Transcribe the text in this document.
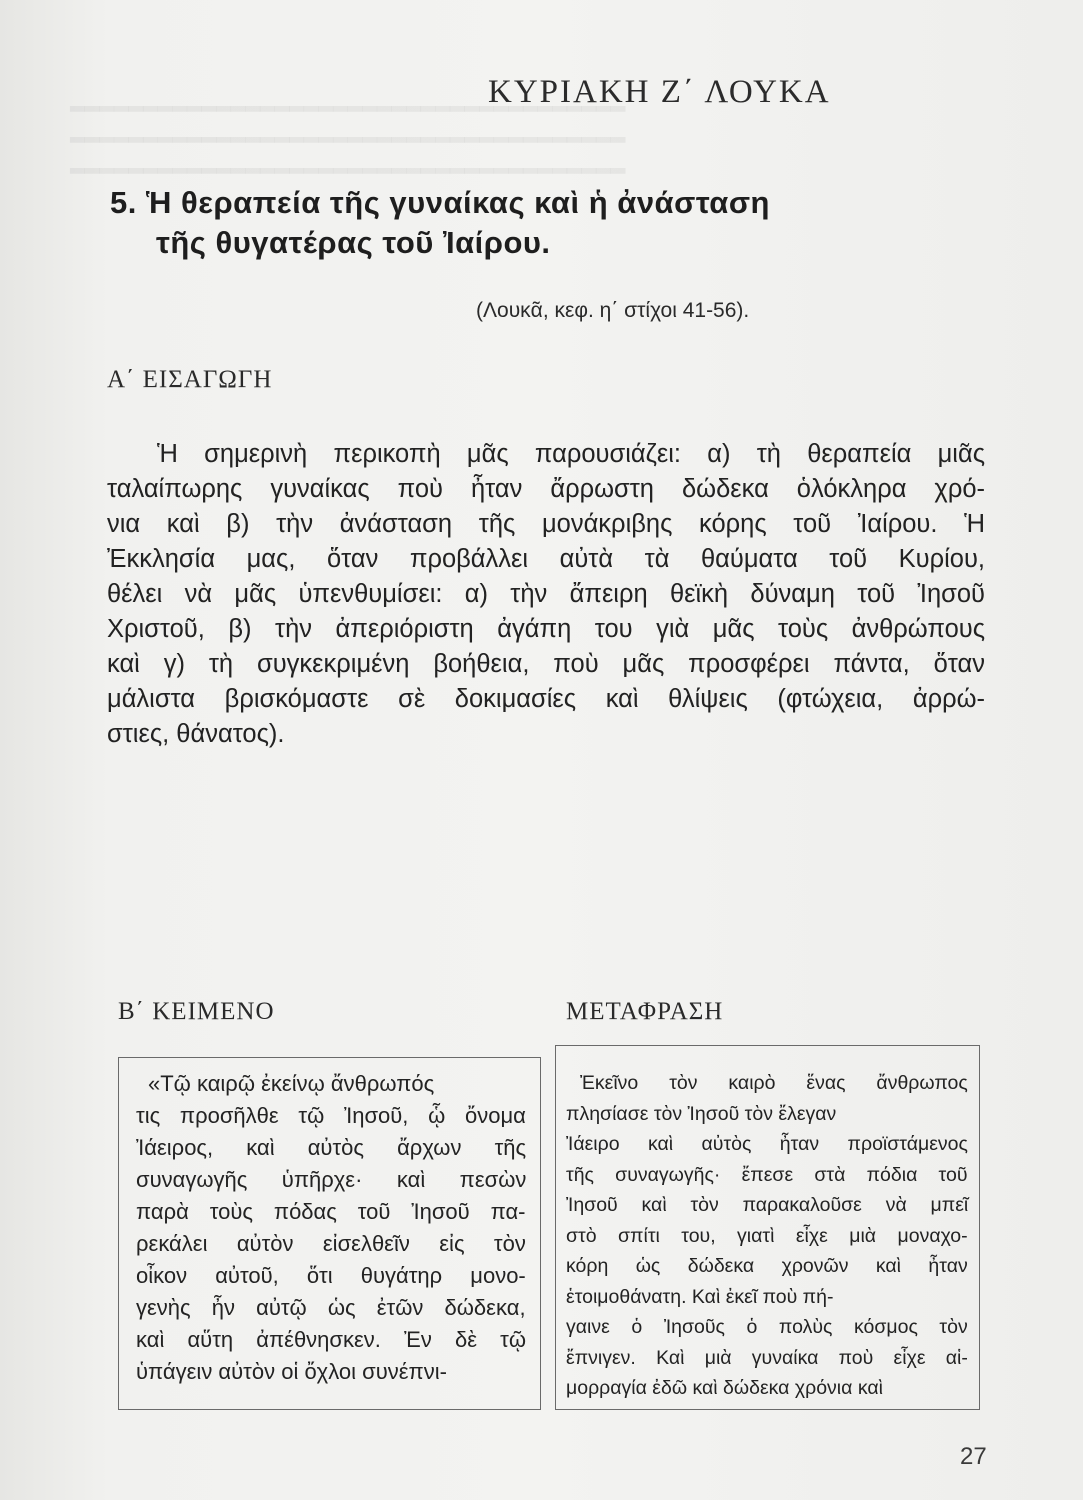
▂▂▂▂▂▂▂▂▂▂▂▂▂▂▂▂▂▂▂▂▂▂▂▂▂▂▂▂▂▂▂▂▂▂▂▂▂▂
▂▂▂▂▂▂▂▂▂▂▂▂▂▂▂▂▂▂▂▂▂▂▂▂▂▂▂▂▂▂▂▂▂▂▂▂▂▂
▂▂▂▂▂▂▂▂▂▂▂▂▂▂▂▂▂▂▂▂▂▂▂▂▂▂▂▂▂▂▂▂▂▂▂▂▂▂
ΚΥΡΙΑΚΗ Ζ΄ ΛΟΥΚΑ
5. Ἡ θεραπεία τῆς γυναίκας καὶ ἡ ἀνάσταση
τῆς θυγατέρας τοῦ Ἰαίρου.
(Λουκᾶ, κεφ. η΄ στίχοι 41-56).
Α΄ ΕΙΣΑΓΩΓΗ
Ἡ σημερινὴ περικοπὴ μᾶς παρουσιάζει: α) τὴ θεραπεία μιᾶς
ταλαίπωρης γυναίκας ποὺ ἦταν ἄρρωστη δώδεκα ὁλόκληρα χρό-
νια καὶ β) τὴν ἀνάσταση τῆς μονάκριβης κόρης τοῦ Ἰαίρου. Ἡ
Ἐκκλησία μας, ὅταν προβάλλει αὐτὰ τὰ θαύματα τοῦ Κυρίου,
θέλει νὰ μᾶς ὑπενθυμίσει: α) τὴν ἄπειρη θεϊκὴ δύναμη τοῦ Ἰησοῦ
Χριστοῦ, β) τὴν ἀπεριόριστη ἀγάπη του γιὰ μᾶς τοὺς ἀνθρώπους
καὶ γ) τὴ συγκεκριμένη βοήθεια, ποὺ μᾶς προσφέρει πάντα, ὅταν
μάλιστα βρισκόμαστε σὲ δοκιμασίες καὶ θλίψεις (φτώχεια, ἀρρώ-
στιες, θάνατος).
Β΄ ΚΕΙΜΕΝΟ	ΜΕΤΑΦΡΑΣΗ
«Τῷ καιρῷ ἐκείνῳ ἄνθρωπός
τις προσῆλθε τῷ Ἰησοῦ, ᾧ ὄνομα
Ἰάειρος, καὶ αὐτὸς ἄρχων τῆς
συναγωγῆς ὑπῆρχε· καὶ πεσὼν
παρὰ τοὺς πόδας τοῦ Ἰησοῦ πα-
ρεκάλει αὐτὸν εἰσελθεῖν εἰς τὸν
οἶκον αὐτοῦ, ὅτι θυγάτηρ μονο-
γενὴς ἦν αὐτῷ ὡς ἐτῶν δώδεκα,
καὶ αὕτη ἀπέθνησκεν. Ἐν δὲ τῷ
ὑπάγειν αὐτὸν οἱ ὄχλοι συνέπνι-
Ἐκεῖνο τὸν καιρὸ ἕνας ἄνθρωπος
πλησίασε τὸν Ἰησοῦ τὸν ἔλεγαν
Ἰάειρο καὶ αὐτὸς ἦταν προϊστάμενος
τῆς συναγωγῆς· ἔπεσε στὰ πόδια τοῦ
Ἰησοῦ καὶ τὸν παρακαλοῦσε νὰ μπεῖ
στὸ σπίτι του, γιατὶ εἶχε μιὰ μοναχο-
κόρη ὡς δώδεκα χρονῶν καὶ ἦταν
ἑτοιμοθάνατη. Καὶ ἐκεῖ ποὺ πή-
γαινε ὁ Ἰησοῦς ὁ πολὺς κόσμος τὸν
ἔπνιγεν. Καὶ μιὰ γυναίκα ποὺ εἶχε αἱ-
μορραγία ἐδῶ καὶ δώδεκα χρόνια καὶ
27
